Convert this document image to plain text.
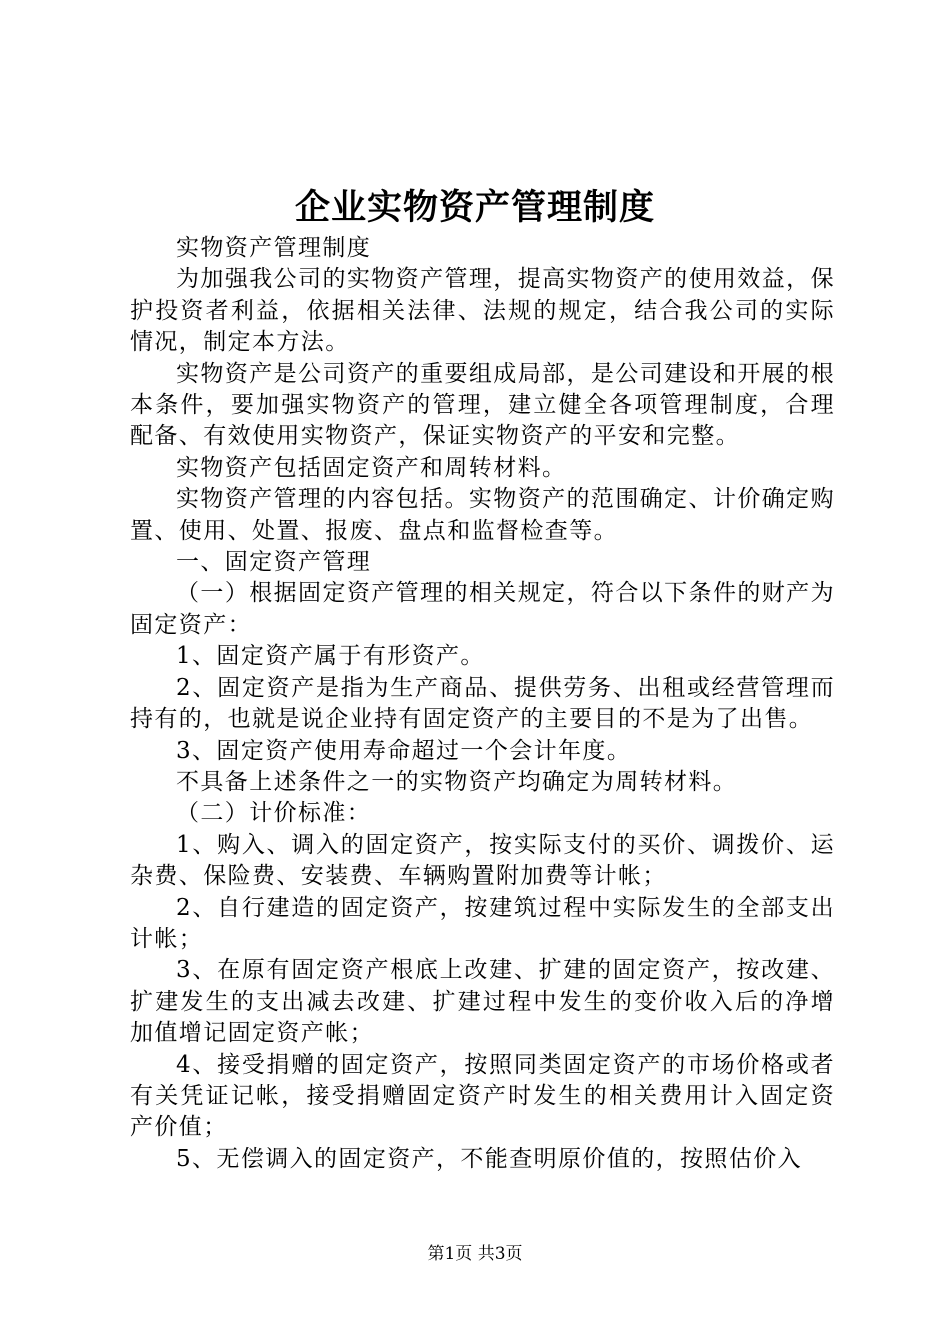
企业实物资产管理制度

实物资产管理制度

为加强我公司的实物资产管理，提高实物资产的使用效益，保护投资者利益，依据相关法律、法规的规定，结合我公司的实际情况，制定本方法。

实物资产是公司资产的重要组成局部，是公司建设和开展的根本条件，要加强实物资产的管理，建立健全各项管理制度，合理配备、有效使用实物资产，保证实物资产的平安和完整。

实物资产包括固定资产和周转材料。

实物资产管理的内容包括。实物资产的范围确定、计价确定购置、使用、处置、报废、盘点和监督检查等。

一、固定资产管理

（一）根据固定资产管理的相关规定，符合以下条件的财产为固定资产：

1、固定资产属于有形资产。

2、固定资产是指为生产商品、提供劳务、出租或经营管理而持有的，也就是说企业持有固定资产的主要目的不是为了出售。

3、固定资产使用寿命超过一个会计年度。

不具备上述条件之一的实物资产均确定为周转材料。

（二）计价标准：

1、购入、调入的固定资产，按实际支付的买价、调拨价、运杂费、保险费、安装费、车辆购置附加费等计帐；

2、自行建造的固定资产，按建筑过程中实际发生的全部支出计帐；

3、在原有固定资产根底上改建、扩建的固定资产，按改建、扩建发生的支出减去改建、扩建过程中发生的变价收入后的净增加值增记固定资产帐；

4、接受捐赠的固定资产，按照同类固定资产的市场价格或者有关凭证记帐，接受捐赠固定资产时发生的相关费用计入固定资产价值；

5、无偿调入的固定资产，不能查明原价值的，按照估价入

第1页 共3页
